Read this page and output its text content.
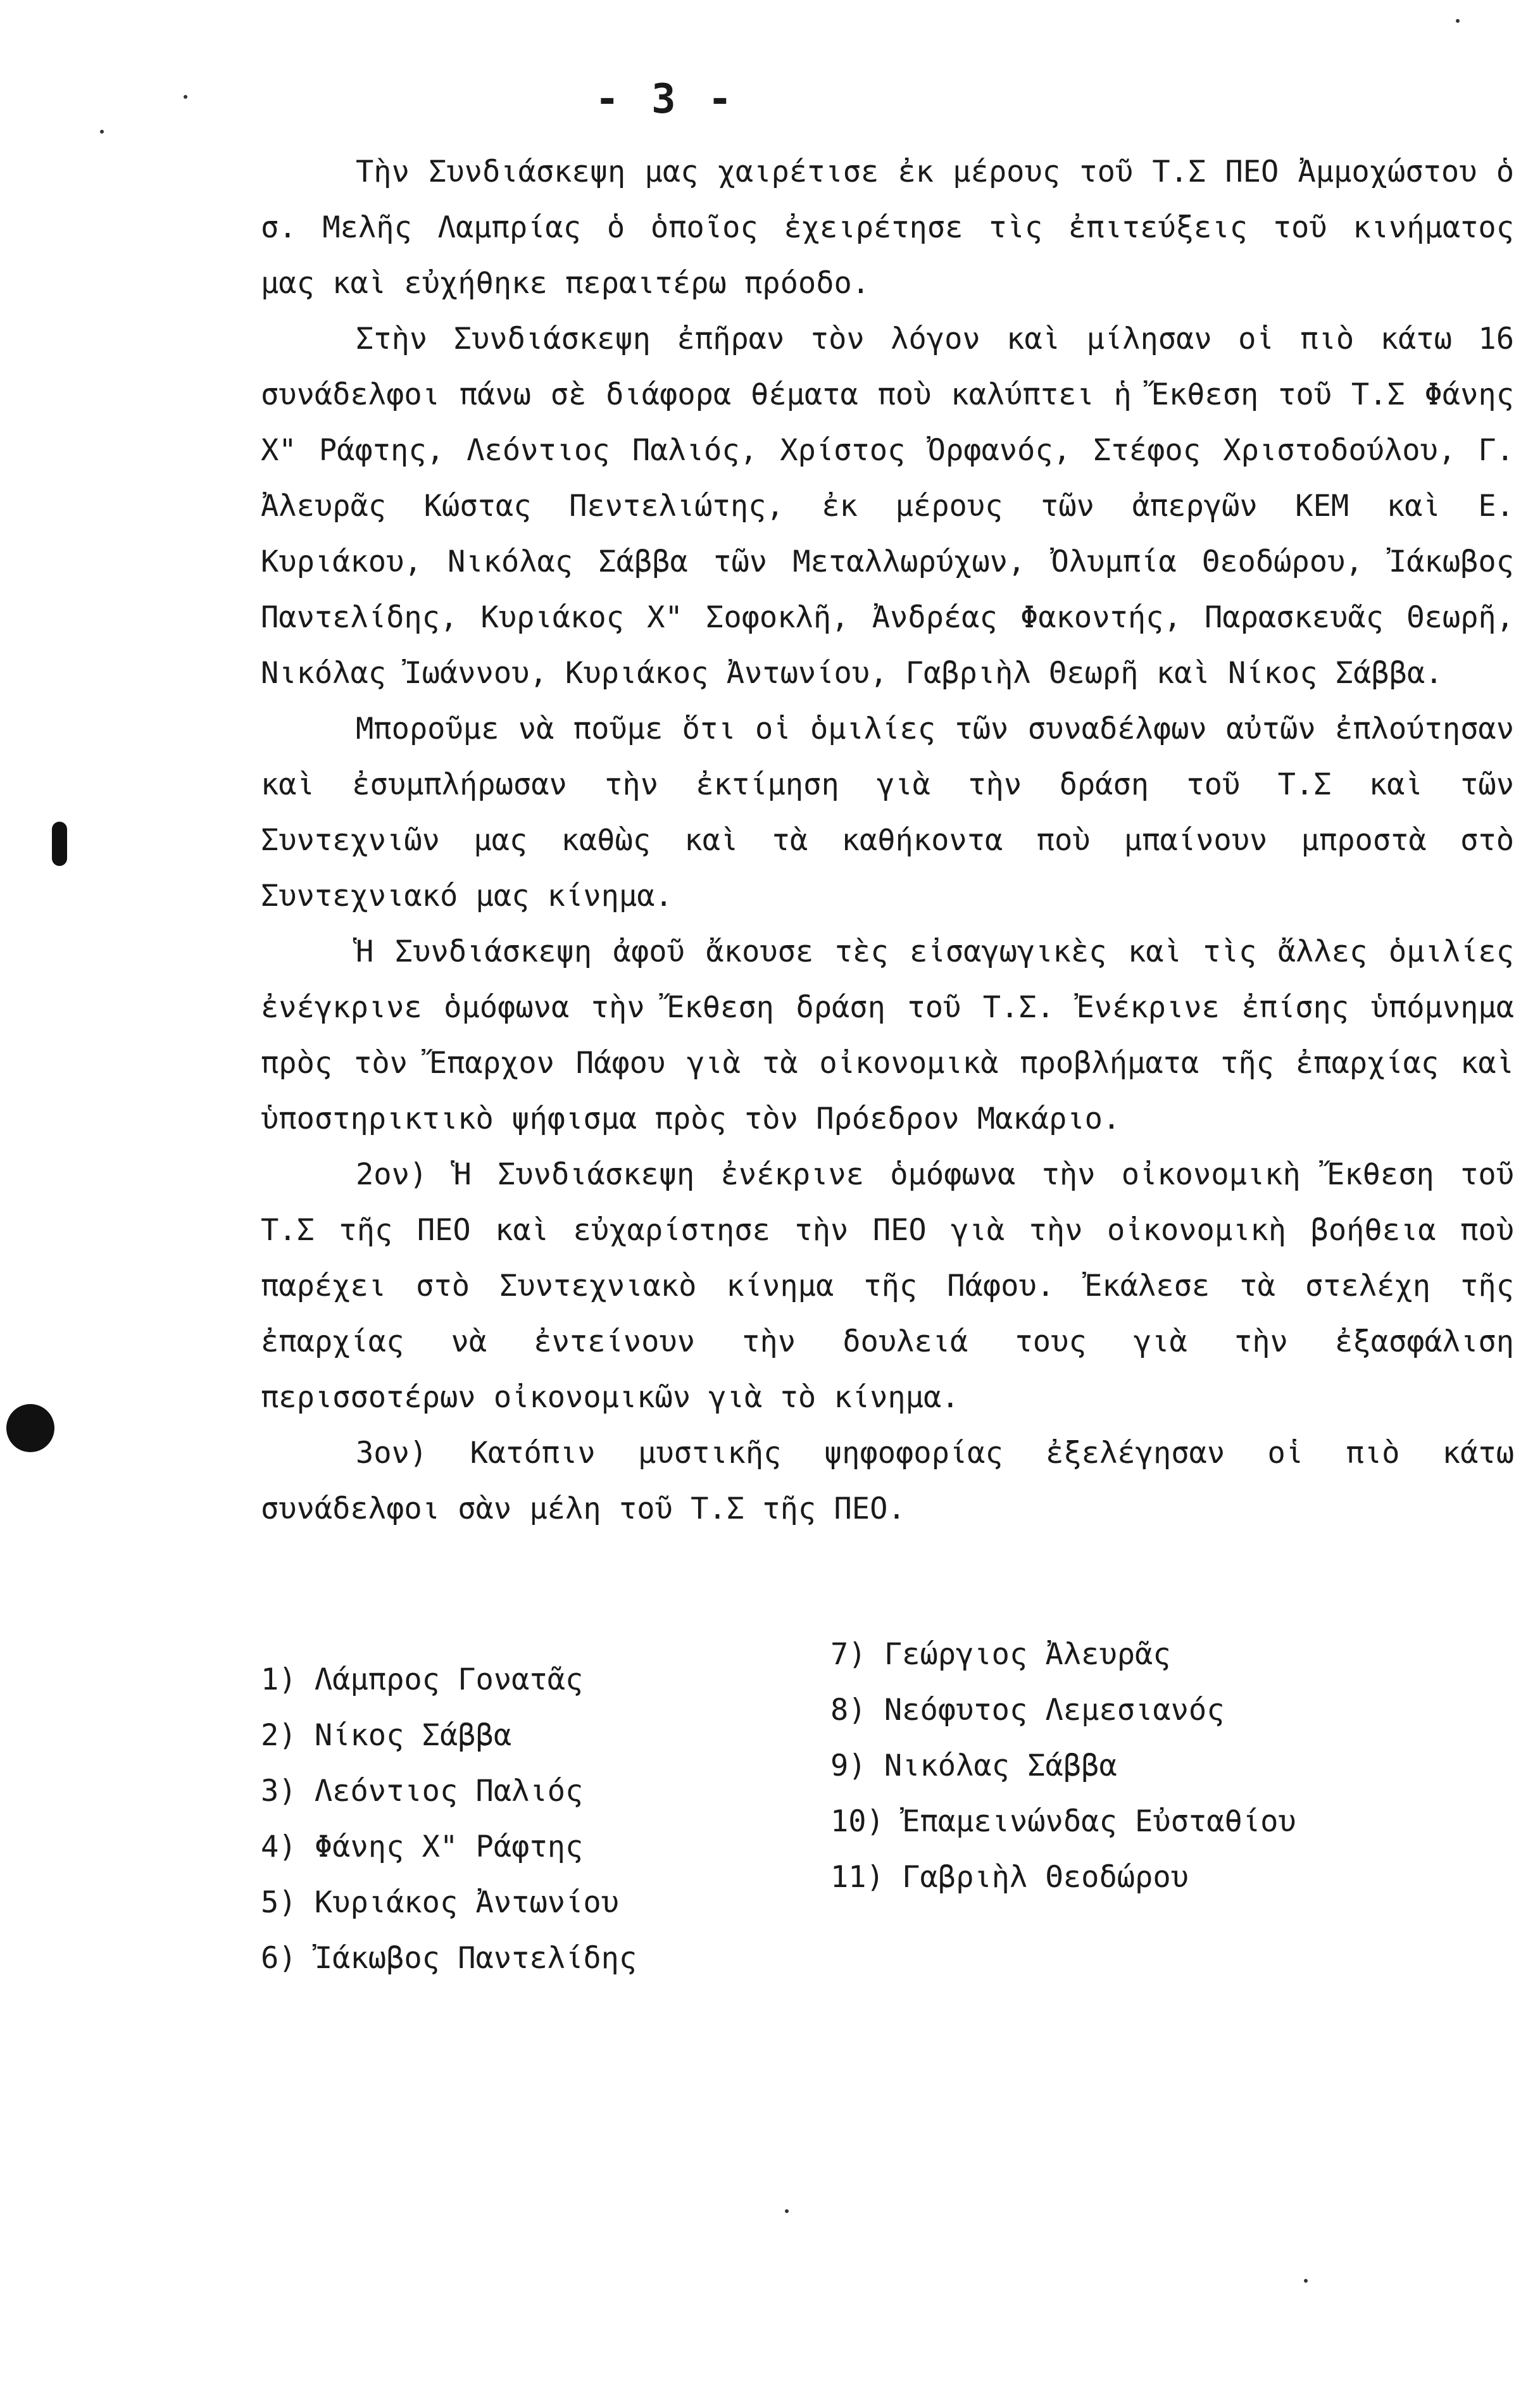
- 3 -

Τὴν Συνδιάσκεψη μας χαιρέτισε ἐκ μέρους τοῦ Τ.Σ ΠΕΟ Ἀμμοχώστου ὁ σ. Μελῆς Λαμπρίας ὁ ὁποῖος ἐχειρέτησε τὶς ἐπιτεύξεις τοῦ κινήματος μας καὶ εὐχήθηκε περαιτέρω πρόοδο.

Στὴν Συνδιάσκεψη ἐπῆραν τὸν λόγον καὶ μίλησαν οἱ πιὸ κάτω 16 συνάδελφοι πάνω σὲ διάφορα θέματα ποὺ καλύπτει ἡ Ἔκθεση τοῦ Τ.Σ Φάνης Χ" Ράφτης, Λεόντιος Παλιός, Χρίστος Ὀρφανός, Στέφος Χριστοδούλου, Γ. Ἀλευρᾶς Κώστας Πεντελιώτης, ἐκ μέρους τῶν ἀπεργῶν ΚΕΜ καὶ Ε. Κυριάκου, Νικόλας Σάββα τῶν Μεταλλωρύχων, Ὀλυμπία Θεοδώρου, Ἰάκωβος Παντελίδης, Κυριάκος Χ" Σοφοκλῆ, Ἀνδρέας Φακοντής, Παρασκευᾶς Θεωρῆ, Νικόλας Ἰωάννου, Κυριάκος Ἀντωνίου, Γαβριὴλ Θεωρῆ καὶ Νίκος Σάββα.

Μποροῦμε νὰ ποῦμε ὅτι οἱ ὁμιλίες τῶν συναδέλφων αὐτῶν ἐπλούτησαν καὶ ἐσυμπλήρωσαν τὴν ἐκτίμηση γιὰ τὴν δράση τοῦ Τ.Σ καὶ τῶν Συντεχνιῶν μας καθὼς καὶ τὰ καθήκοντα ποὺ μπαίνουν μπροστὰ στὸ Συντεχνιακό μας κίνημα.

Ἡ Συνδιάσκεψη ἀφοῦ ἄκουσε τὲς εἰσαγωγικὲς καὶ τὶς ἄλλες ὁμιλίες ἐνέγκρινε ὁμόφωνα τὴν Ἔκθεση δράση τοῦ Τ.Σ. Ἐνέκρινε ἐπίσης ὑπόμνημα πρὸς τὸν Ἔπαρχον Πάφου γιὰ τὰ οἰκονομικὰ προβλήματα τῆς ἐπαρχίας καὶ ὑποστηρικτικὸ ψήφισμα πρὸς τὸν Πρόεδρον Μακάριο.

2ον) Ἡ Συνδιάσκεψη ἐνέκρινε ὁμόφωνα τὴν οἰκονομικὴ Ἔκθεση τοῦ Τ.Σ τῆς ΠΕΟ καὶ εὐχαρίστησε τὴν ΠΕΟ γιὰ τὴν οἰκονομικὴ βοήθεια ποὺ παρέχει στὸ Συντεχνιακὸ κίνημα τῆς Πάφου. Ἐκάλεσε τὰ στελέχη τῆς ἐπαρχίας νὰ ἐντείνουν τὴν δουλειά τους γιὰ τὴν ἐξασφάλιση περισσοτέρων οἰκονομικῶν γιὰ τὸ κίνημα.

3ον) Κατόπιν μυστικῆς ψηφοφορίας ἐξελέγησαν οἱ πιὸ κάτω συνάδελφοι σὰν μέλη τοῦ Τ.Σ τῆς ΠΕΟ.

1) Λάμπρος Γονατᾶς
2) Νίκος Σάββα
3) Λεόντιος Παλιός
4) Φάνης Χ" Ράφτης
5) Κυριάκος Ἀντωνίου
6) Ἰάκωβος Παντελίδης
7) Γεώργιος Ἀλευρᾶς
8) Νεόφυτος Λεμεσιανός
9) Νικόλας Σάββα
10) Ἐπαμεινώνδας Εὐσταθίου
11) Γαβριὴλ Θεοδώρου
